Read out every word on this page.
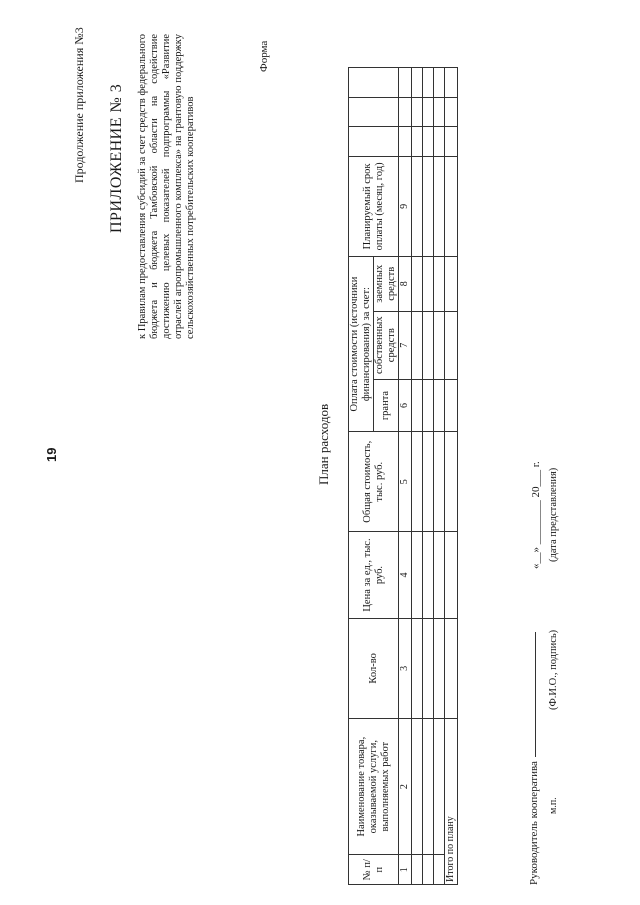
19
Продолжение приложения №3 ПРИЛОЖЕНИЕ № 3 к Правилам предоставления субсидий за счет средств федерального бюджета и бюджета Тамбовской области на содействие достижению целевых показателей подпрограммы «Развитие отраслей агропромышленного комплекса» на грантовую поддержку сельскохозяйственных потребительских кооперативов
Форма
План расходов
№ п/п	Наименование товара, оказываемой услуги, выполняемых работ	Кол-во	Цена за ед., тыс. руб.	Общая стоимость, тыс. руб.	Оплата стоимости (источники финансирования) за счет:			Планируемый срок оплаты (месяц, год)			
					гранта	собственных средств	заемных средств				
1	2	3	4	5	6	7	8	9			

Итого по плану												Руководитель кооператива
«__» ________ 20___ г.
м.п.
(Ф.И.О., подпись)
(дата представления)
